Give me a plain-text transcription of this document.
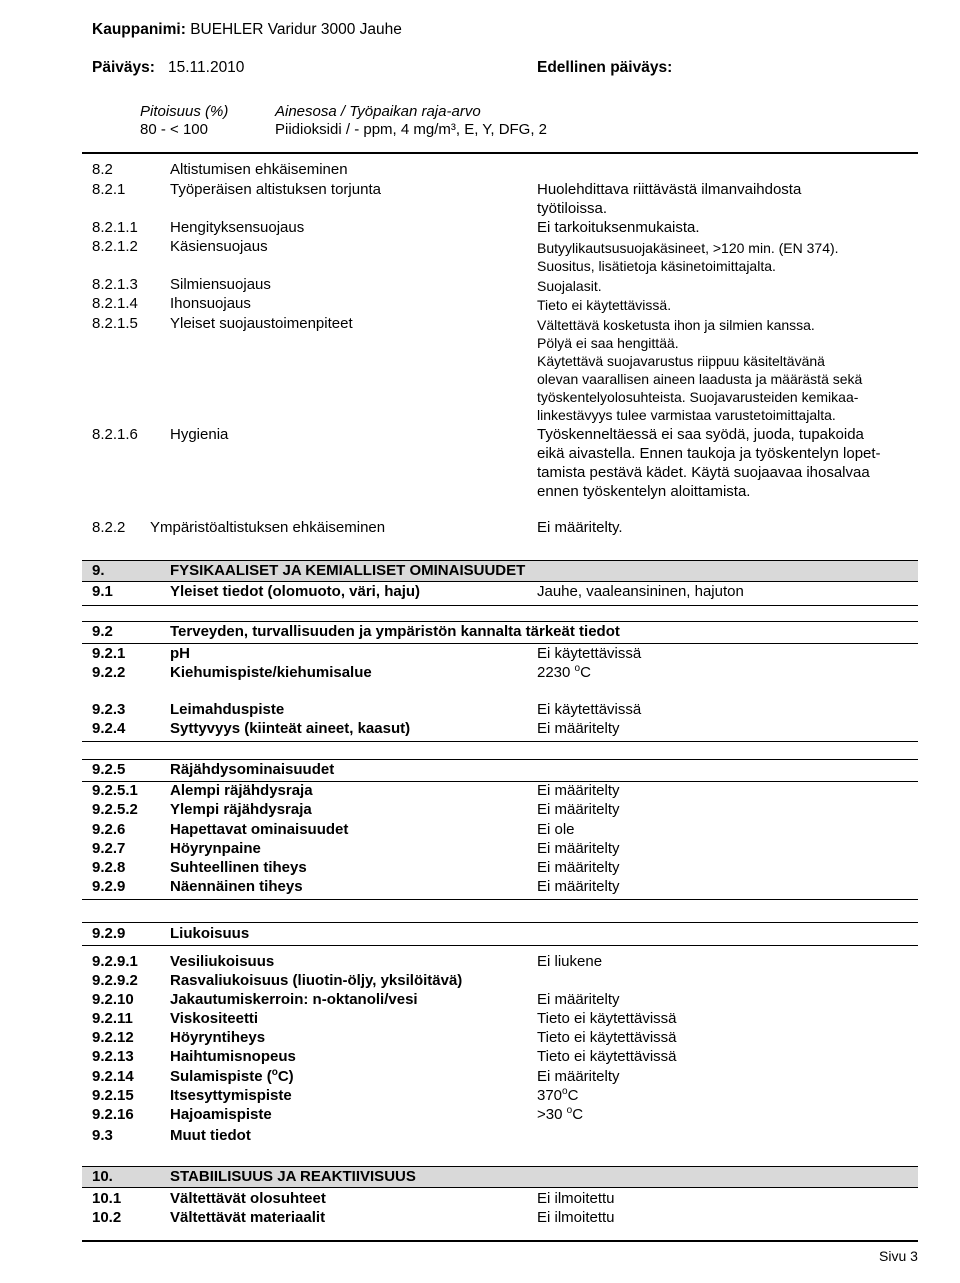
Kauppanimi: BUEHLER Varidur 3000 Jauhe
Päiväys: 15.11.2010	Edellinen päiväys:
Pitoisuus (%)	Ainesosa / Työpaikan raja-arvo
80 - < 100	Piidioksidi / - ppm, 4 mg/m³, E, Y, DFG, 2
8.2	Altistumisen ehkäiseminen
8.2.1	Työperäisen altistuksen torjunta	Huolehdittava riittävästä ilmanvaihdosta
työtiloissa.
8.2.1.1 Hengityksensuojaus	Ei tarkoituksenmukaista.
8.2.1.2 Käsiensuojaus	Butyylikautsusuojakäsineet, >120 min. (EN 374).
Suositus, lisätietoja käsinetoimittajalta.
8.2.1.3 Silmiensuojaus	Suojalasit.
8.2.1.4 Ihonsuojaus	Tieto ei käytettävissä.
8.2.1.5 Yleiset suojaustoimenpiteet	Vältettävä kosketusta ihon ja silmien kanssa.
Pölyä ei saa hengittää.
Käytettävä suojavarustus riippuu käsiteltävänä
olevan vaarallisen aineen laadusta ja määrästä sekä
työskentelyolosuhteista. Suojavarusteiden kemikaa-
linkestävyys tulee varmistaa varustetoimittajalta.
8.2.1.6 Hygienia	Työskenneltäessä ei saa syödä, juoda, tupakoida
eikä aivastella. Ennen taukoja ja työskentelyn lopet-
tamista pestävä kädet. Käytä suojaavaa ihosalvaa
ennen työskentelyn aloittamista.
8.2.2 Ympäristöaltistuksen ehkäiseminen	Ei määritelty.
9.	FYSIKAALISET JA KEMIALLISET OMINAISUUDET
9.1	Yleiset tiedot (olomuoto, väri, haju)	Jauhe, vaaleansininen, hajuton
9.2	Terveyden, turvallisuuden ja ympäristön kannalta tärkeät tiedot
9.2.1	pH	Ei käytettävissä
9.2.2	Kiehumispiste/kiehumisalue	2230 $^o$C
9.2.3	Leimahduspiste	Ei käytettävissä
9.2.4	Syttyvyys (kiinteät aineet, kaasut)	Ei määritelty
9.2.5	Räjähdysominaisuudet
9.2.5.1 Alempi räjähdysraja	Ei määritelty
9.2.5.2 Ylempi räjähdysraja	Ei määritelty
9.2.6	Hapettavat ominaisuudet	Ei ole
9.2.7	Höyrynpaine	Ei määritelty
9.2.8	Suhteellinen tiheys	Ei määritelty
9.2.9	Näennäinen tiheys	Ei määritelty
9.2.9	Liukoisuus
9.2.9.1 Vesiliukoisuus	Ei liukene
9.2.9.2 Rasvaliukoisuus (liuotin-öljy, yksilöitävä)
9.2.10 Jakautumiskerroin: n-oktanoli/vesi	Ei määritelty
9.2.11 Viskositeetti	Tieto ei käytettävissä
9.2.12 Höyryntiheys	Tieto ei käytettävissä
9.2.13 Haihtumisnopeus	Tieto ei käytettävissä
9.2.14 Sulamispiste ($^o$C)	Ei määritelty
9.2.15 Itsesyttymispiste	370$^o$C
9.2.16 Hajoamispiste	>30 $^o$C
9.3	Muut tiedot
10.	STABIILISUUS JA REAKTIIVISUUS
10.1	Vältettävät olosuhteet	Ei ilmoitettu
10.2	Vältettävät materiaalit	Ei ilmoitettu
Sivu 3
